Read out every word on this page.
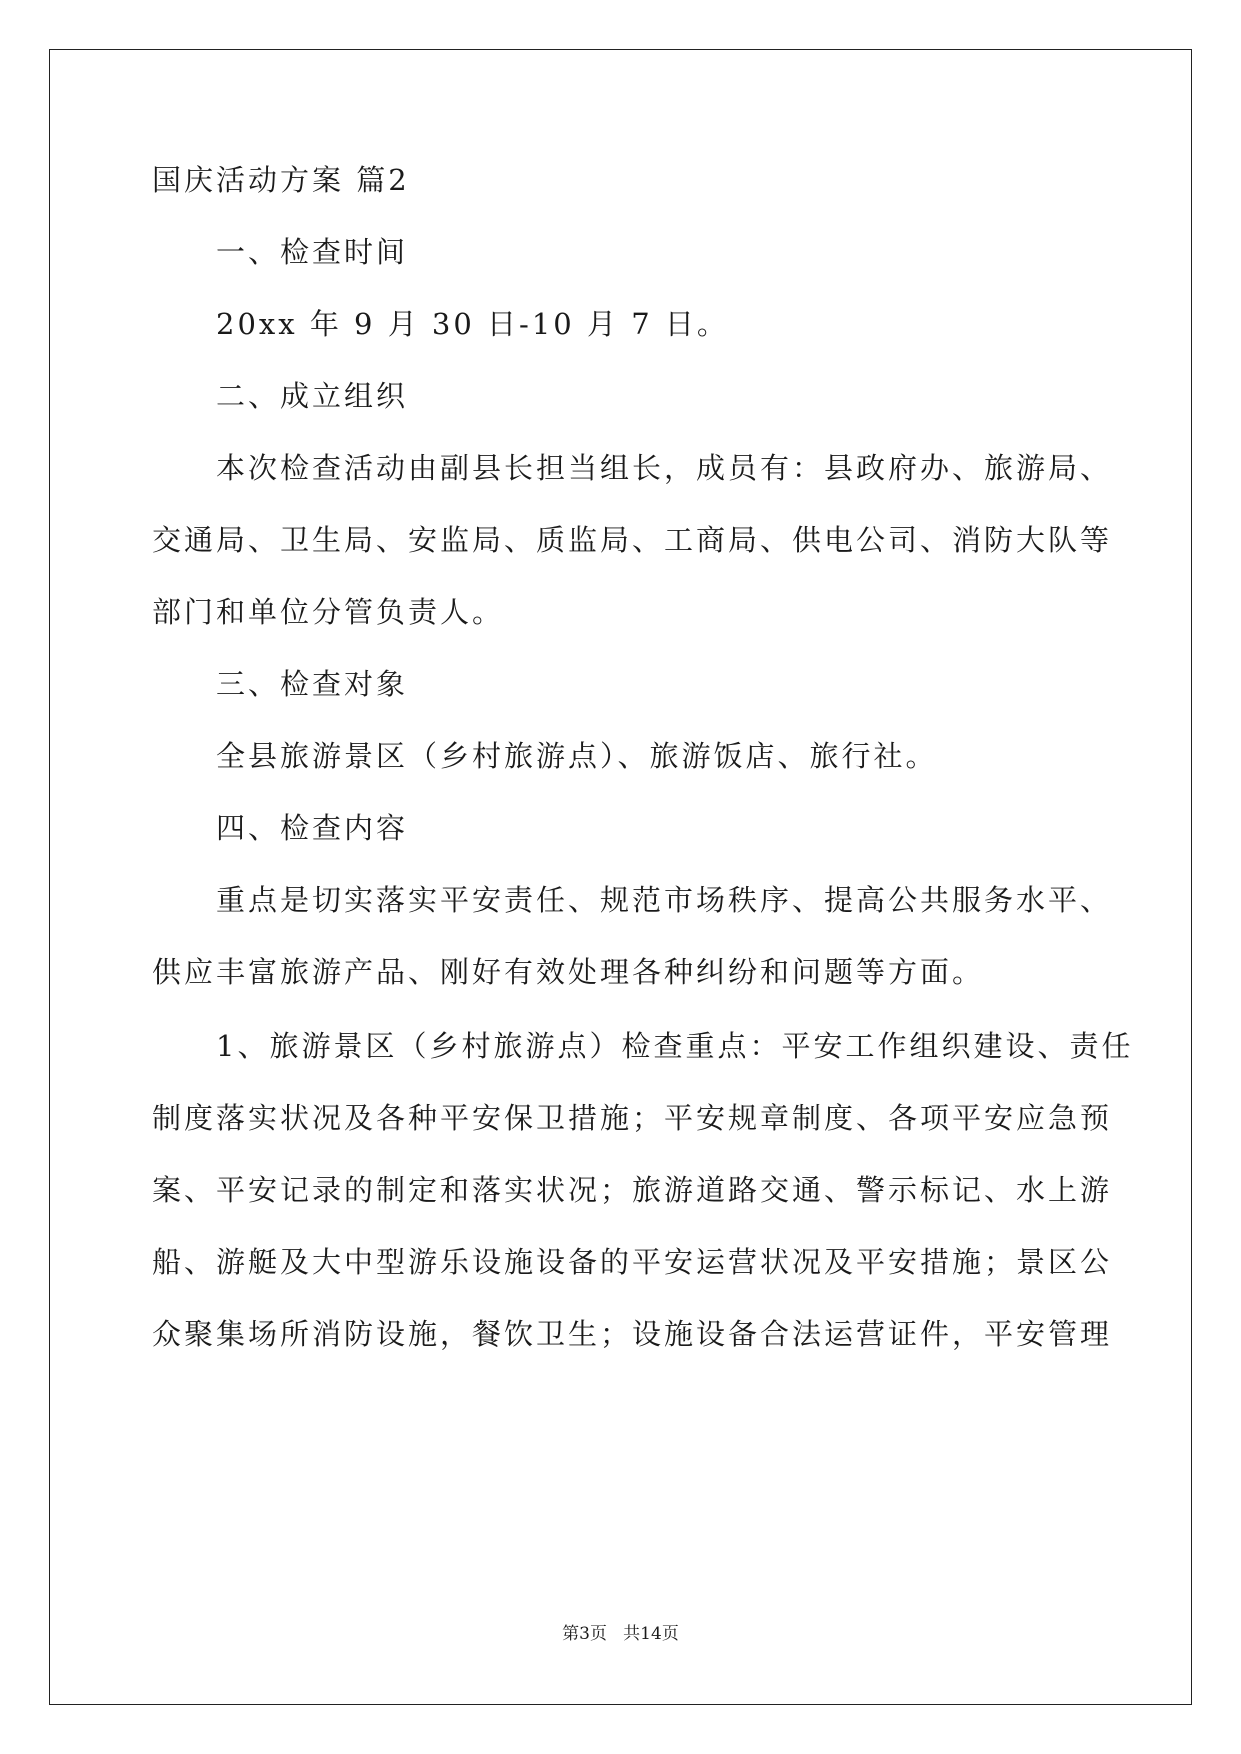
国庆活动方案 篇2
一、检查时间
20xx 年 9 月 30 日-10 月 7 日。
二、成立组织
本次检查活动由副县长担当组长，成员有：县政府办、旅游局、
交通局、卫生局、安监局、质监局、工商局、供电公司、消防大队等
部门和单位分管负责人。
三、检查对象
全县旅游景区（乡村旅游点）、旅游饭店、旅行社。
四、检查内容
重点是切实落实平安责任、规范市场秩序、提高公共服务水平、
供应丰富旅游产品、刚好有效处理各种纠纷和问题等方面。
1、旅游景区（乡村旅游点）检查重点：平安工作组织建设、责任
制度落实状况及各种平安保卫措施；平安规章制度、各项平安应急预
案、平安记录的制定和落实状况；旅游道路交通、警示标记、水上游
船、游艇及大中型游乐设施设备的平安运营状况及平安措施；景区公
众聚集场所消防设施，餐饮卫生；设施设备合法运营证件，平安管理
第3页   共14页
